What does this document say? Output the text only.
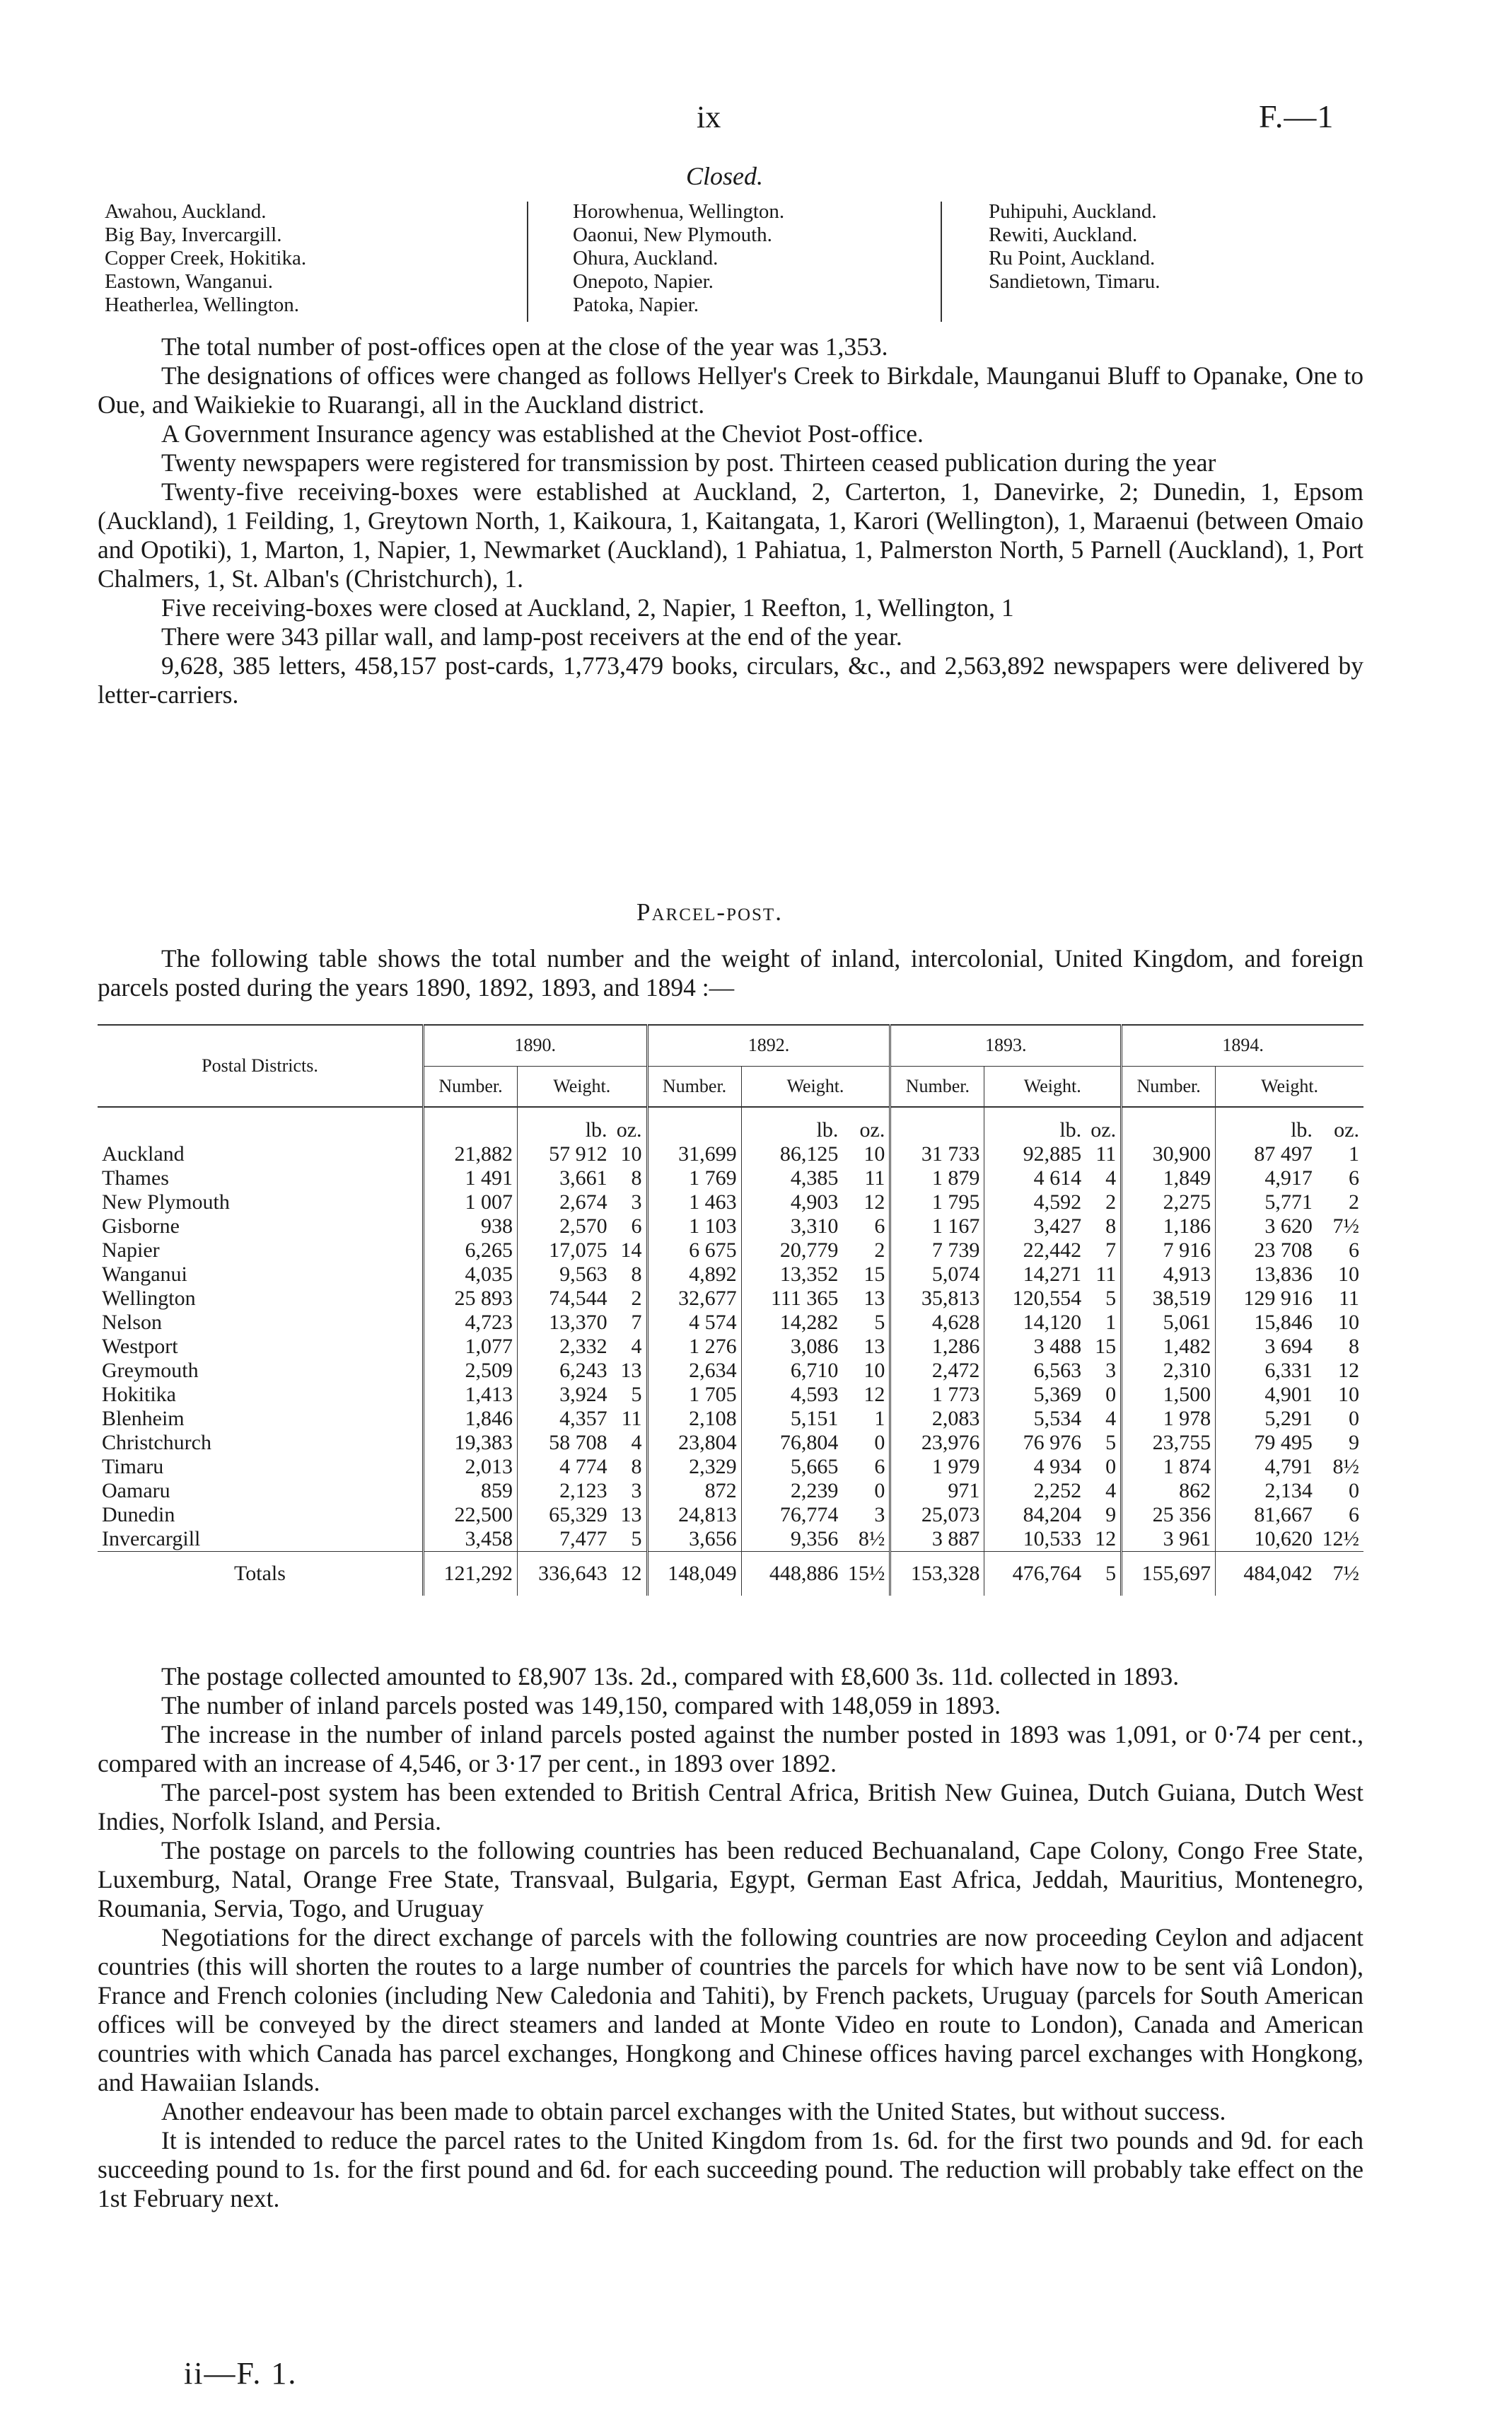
ix	F.—1
Closed.
Awahou, Auckland.
Big Bay, Invercargill.
Copper Creek, Hokitika.
Eastown, Wanganui.
Heatherlea, Wellington.
Horowhenua, Wellington.
Oaonui, New Plymouth.
Ohura, Auckland.
Onepoto, Napier.
Patoka, Napier.
Puhipuhi, Auckland.
Rewiti, Auckland.
Ru Point, Auckland.
Sandietown, Timaru.

The total number of post-offices open at the close of the year was 1,353.

The designations of offices were changed as follows Hellyer's Creek to Birkdale, Maunganui Bluff to Opanake, One to Oue, and Waikiekie to Ruarangi, all in the Auckland district.

A Government Insurance agency was established at the Cheviot Post-office.

Twenty newspapers were registered for transmission by post. Thirteen ceased publication during the year

Twenty-five receiving-boxes were established at Auckland, 2, Carterton, 1, Danevirke, 2; Dunedin, 1, Epsom (Auckland), 1 Feilding, 1, Greytown North, 1, Kaikoura, 1, Kaitangata, 1, Karori (Wellington), 1, Maraenui (between Omaio and Opotiki), 1, Marton, 1, Napier, 1, Newmarket (Auckland), 1 Pahiatua, 1, Palmerston North, 5 Parnell (Auckland), 1, Port Chalmers, 1, St. Alban's (Christchurch), 1.

Five receiving-boxes were closed at Auckland, 2, Napier, 1 Reefton, 1, Wellington, 1

There were 343 pillar wall, and lamp-post receivers at the end of the year.

9,628, 385 letters, 458,157 post-cards, 1,773,479 books, circulars, &c., and 2,563,892 newspapers were delivered by letter-carriers.

Parcel-post.

The following table shows the total number and the weight of inland, intercolonial, United Kingdom, and foreign parcels posted during the years 1890, 1892, 1893, and 1894 :—

Postal Districts.	1890.			1892.			1893.			1894.		
	Number.	Weight.		Number.	Weight.		Number.	Weight.		Number.	Weight.	
		lb.	oz.		lb.	oz.		lb.	oz.		lb.	oz.
Auckland	21,882	57 912	10	31,699	86,125	10	31 733	92,885	11	30,900	87 497	1
Thames	1 491	3,661	8	1 769	4,385	11	1 879	4 614	4	1,849	4,917	6
New Plymouth	1 007	2,674	3	1 463	4,903	12	1 795	4,592	2	2,275	5,771	2
Gisborne	938	2,570	6	1 103	3,310	6	1 167	3,427	8	1,186	3 620	7½
Napier	6,265	17,075	14	6 675	20,779	2	7 739	22,442	7	7 916	23 708	6
Wanganui	4,035	9,563	8	4,892	13,352	15	5,074	14,271	11	4,913	13,836	10
Wellington	25 893	74,544	2	32,677	111 365	13	35,813	120,554	5	38,519	129 916	11
Nelson	4,723	13,370	7	4 574	14,282	5	4,628	14,120	1	5,061	15,846	10
Westport	1,077	2,332	4	1 276	3,086	13	1,286	3 488	15	1,482	3 694	8
Greymouth	2,509	6,243	13	2,634	6,710	10	2,472	6,563	3	2,310	6,331	12
Hokitika	1,413	3,924	5	1 705	4,593	12	1 773	5,369	0	1,500	4,901	10
Blenheim	1,846	4,357	11	2,108	5,151	1	2,083	5,534	4	1 978	5,291	0
Christchurch	19,383	58 708	4	23,804	76,804	0	23,976	76 976	5	23,755	79 495	9
Timaru	2,013	4 774	8	2,329	5,665	6	1 979	4 934	0	1 874	4,791	8½
Oamaru	859	2,123	3	872	2,239	0	971	2,252	4	862	2,134	0
Dunedin	22,500	65,329	13	24,813	76,774	3	25,073	84,204	9	25 356	81,667	6
Invercargill	3,458	7,477	5	3,656	9,356	8½	3 887	10,533	12	3 961	10,620	12½
Totals	121,292	336,643	12	148,049	448,886	15½	153,328	476,764	5	155,697	484,042	7½

The postage collected amounted to £8,907 13s. 2d., compared with £8,600 3s. 11d. collected in 1893.

The number of inland parcels posted was 149,150, compared with 148,059 in 1893.

The increase in the number of inland parcels posted against the number posted in 1893 was 1,091, or 0·74 per cent., compared with an increase of 4,546, or 3·17 per cent., in 1893 over 1892.

The parcel-post system has been extended to British Central Africa, British New Guinea, Dutch Guiana, Dutch West Indies, Norfolk Island, and Persia.

The postage on parcels to the following countries has been reduced Bechuanaland, Cape Colony, Congo Free State, Luxemburg, Natal, Orange Free State, Transvaal, Bulgaria, Egypt, German East Africa, Jeddah, Mauritius, Montenegro, Roumania, Servia, Togo, and Uruguay

Negotiations for the direct exchange of parcels with the following countries are now proceeding Ceylon and adjacent countries (this will shorten the routes to a large number of countries the parcels for which have now to be sent viâ London), France and French colonies (including New Caledonia and Tahiti), by French packets, Uruguay (parcels for South American offices will be conveyed by the direct steamers and landed at Monte Video en route to London), Canada and American countries with which Canada has parcel exchanges, Hongkong and Chinese offices having parcel exchanges with Hongkong, and Hawaiian Islands.

Another endeavour has been made to obtain parcel exchanges with the United States, but without success.

It is intended to reduce the parcel rates to the United Kingdom from 1s. 6d. for the first two pounds and 9d. for each succeeding pound to 1s. for the first pound and 6d. for each succeeding pound. The reduction will probably take effect on the 1st February next.

ii—F. 1.
